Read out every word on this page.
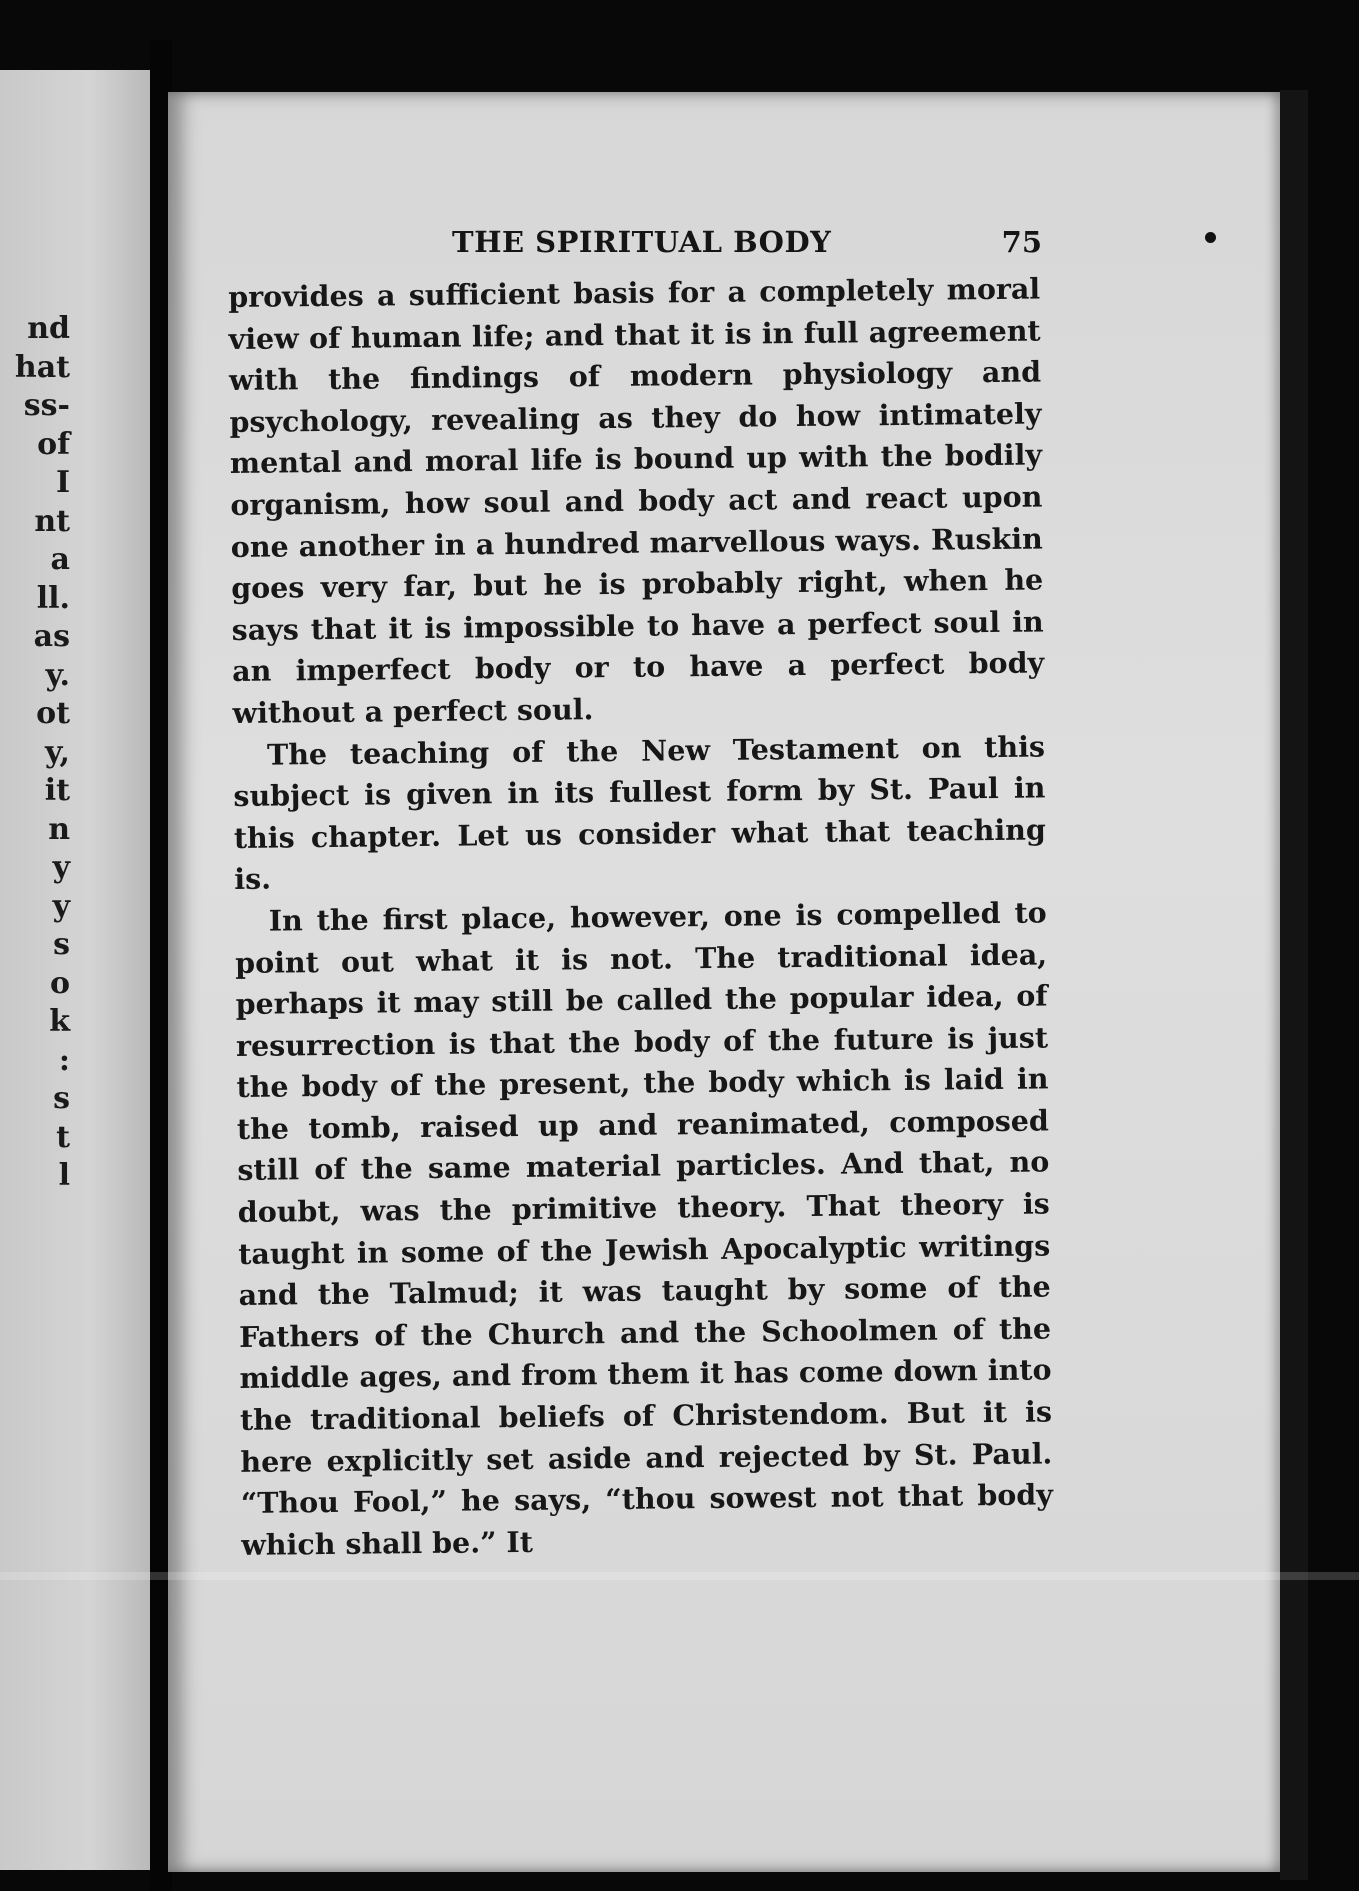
nd
hat
ss-
of
I
nt
a
ll.
as
y.
ot
y,
it
n
y
y
s
o
k
:
s
t
l
THE SPIRITUAL BODY	75

provides a sufficient basis for a completely moral view of human life; and that it is in full agreement with the findings of modern physiology and psychology, revealing as they do how intimately mental and moral life is bound up with the bodily organism, how soul and body act and react upon one another in a hundred marvellous ways. Ruskin goes very far, but he is probably right, when he says that it is impossible to have a perfect soul in an imperfect body or to have a perfect body without a perfect soul.

The teaching of the New Testament on this subject is given in its fullest form by St. Paul in this chapter. Let us consider what that teaching is.

In the first place, however, one is compelled to point out what it is not. The traditional idea, perhaps it may still be called the popular idea, of resurrection is that the body of the future is just the body of the present, the body which is laid in the tomb, raised up and reanimated, composed still of the same material particles. And that, no doubt, was the primitive theory. That theory is taught in some of the Jewish Apocalyptic writings and the Talmud; it was taught by some of the Fathers of the Church and the Schoolmen of the middle ages, and from them it has come down into the traditional beliefs of Christendom. But it is here explicitly set aside and rejected by St. Paul. “Thou Fool,” he says, “thou sowest not that body which shall be.” It
